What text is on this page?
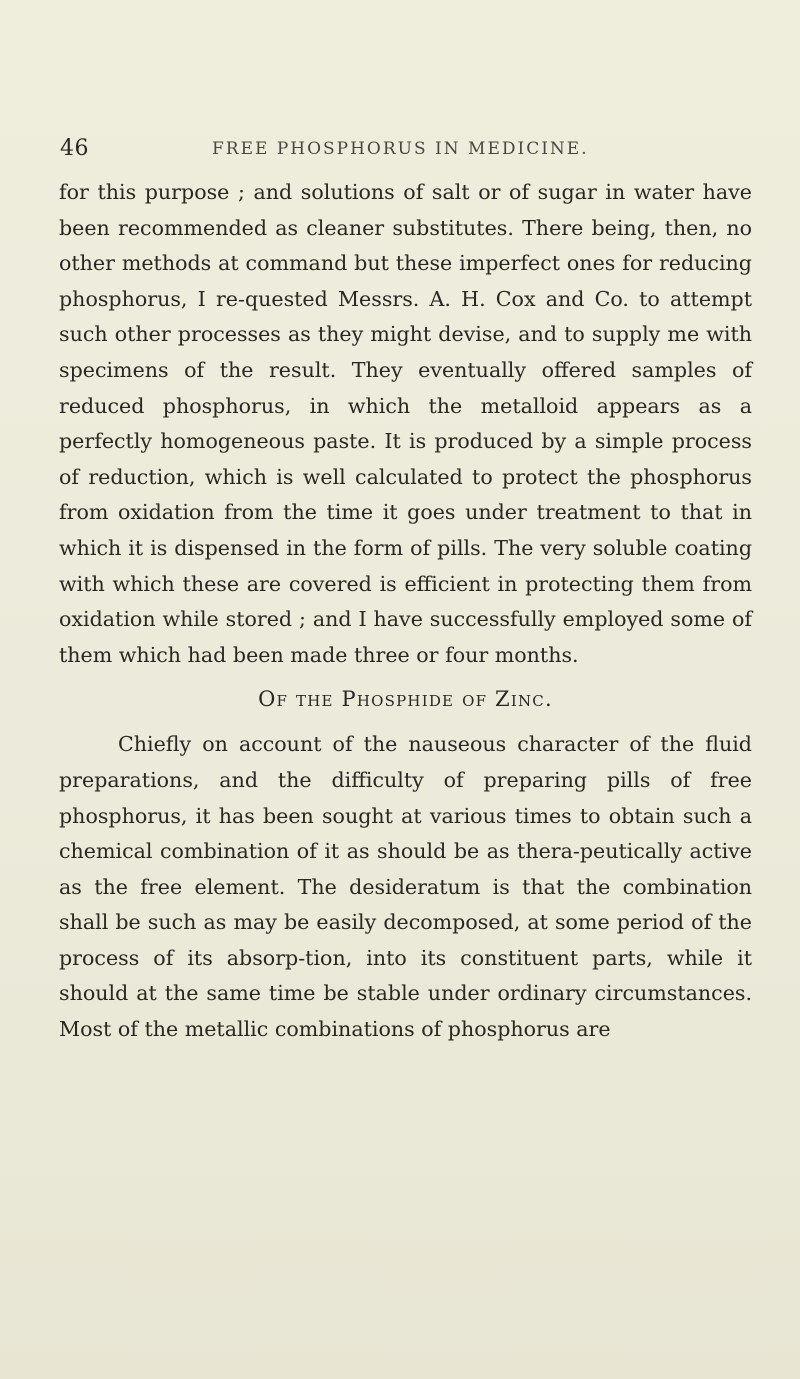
46	FREE PHOSPHORUS IN MEDICINE.

for this purpose ; and solutions of salt or of sugar in water have been recommended as cleaner substitutes. There being, then, no other methods at command but these imperfect ones for reducing phosphorus, I re-quested Messrs. A. H. Cox and Co. to attempt such other processes as they might devise, and to supply me with specimens of the result. They eventually offered samples of reduced phosphorus, in which the metalloid appears as a perfectly homogeneous paste. It is produced by a simple process of reduction, which is well calculated to protect the phosphorus from oxidation from the time it goes under treatment to that in which it is dispensed in the form of pills. The very soluble coating with which these are covered is efficient in protecting them from oxidation while stored ; and I have successfully employed some of them which had been made three or four months.

Of the Phosphide of Zinc.

Chiefly on account of the nauseous character of the fluid preparations, and the difficulty of preparing pills of free phosphorus, it has been sought at various times to obtain such a chemical combination of it as should be as thera-peutically active as the free element. The desideratum is that the combination shall be such as may be easily decomposed, at some period of the process of its absorp-tion, into its constituent parts, while it should at the same time be stable under ordinary circumstances. Most of the metallic combinations of phosphorus are
